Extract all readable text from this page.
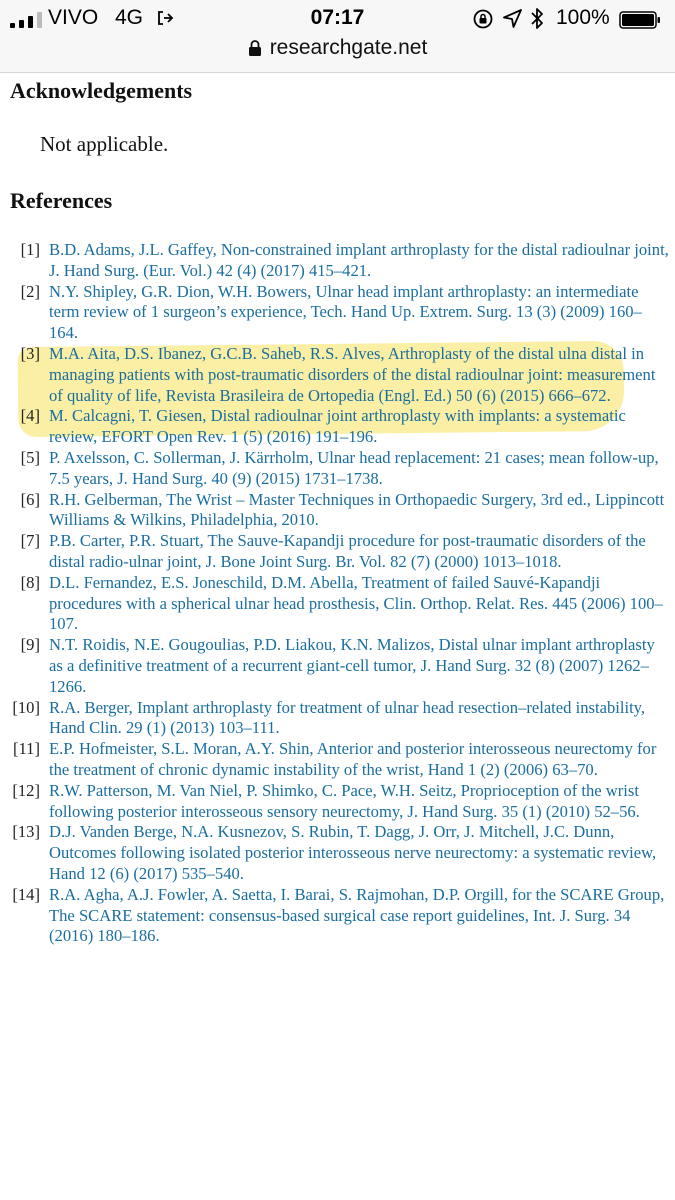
VIVO 4G	07:17	100%
researchgate.net
Acknowledgements

Not applicable.

References
[1] B.D. Adams, J.L. Gaffey, Non-constrained implant arthroplasty for the distal radioulnar joint, J. Hand Surg. (Eur. Vol.) 42 (4) (2017) 415–421.
[2] N.Y. Shipley, G.R. Dion, W.H. Bowers, Ulnar head implant arthroplasty: an intermediate term review of 1 surgeon’s experience, Tech. Hand Up. Extrem. Surg. 13 (3) (2009) 160–164.
[3] M.A. Aita, D.S. Ibanez, G.C.B. Saheb, R.S. Alves, Arthroplasty of the distal ulna distal in managing patients with post-traumatic disorders of the distal radioulnar joint: measurement of quality of life, Revista Brasileira de Ortopedia (Engl. Ed.) 50 (6) (2015) 666–672.
[4] M. Calcagni, T. Giesen, Distal radioulnar joint arthroplasty with implants: a systematic review, EFORT Open Rev. 1 (5) (2016) 191–196.
[5] P. Axelsson, C. Sollerman, J. Kärrholm, Ulnar head replacement: 21 cases; mean follow-up, 7.5 years, J. Hand Surg. 40 (9) (2015) 1731–1738.
[6] R.H. Gelberman, The Wrist – Master Techniques in Orthopaedic Surgery, 3rd ed., Lippincott Williams & Wilkins, Philadelphia, 2010.
[7] P.B. Carter, P.R. Stuart, The Sauve-Kapandji procedure for post-traumatic disorders of the distal radio-ulnar joint, J. Bone Joint Surg. Br. Vol. 82 (7) (2000) 1013–1018.
[8] D.L. Fernandez, E.S. Joneschild, D.M. Abella, Treatment of failed Sauvé-Kapandji procedures with a spherical ulnar head prosthesis, Clin. Orthop. Relat. Res. 445 (2006) 100–107.
[9] N.T. Roidis, N.E. Gougoulias, P.D. Liakou, K.N. Malizos, Distal ulnar implant arthroplasty as a definitive treatment of a recurrent giant-cell tumor, J. Hand Surg. 32 (8) (2007) 1262–1266.
[10] R.A. Berger, Implant arthroplasty for treatment of ulnar head resection–related instability, Hand Clin. 29 (1) (2013) 103–111.
[11] E.P. Hofmeister, S.L. Moran, A.Y. Shin, Anterior and posterior interosseous neurectomy for the treatment of chronic dynamic instability of the wrist, Hand 1 (2) (2006) 63–70.
[12] R.W. Patterson, M. Van Niel, P. Shimko, C. Pace, W.H. Seitz, Proprioception of the wrist following posterior interosseous sensory neurectomy, J. Hand Surg. 35 (1) (2010) 52–56.
[13] D.J. Vanden Berge, N.A. Kusnezov, S. Rubin, T. Dagg, J. Orr, J. Mitchell, J.C. Dunn, Outcomes following isolated posterior interosseous nerve neurectomy: a systematic review, Hand 12 (6) (2017) 535–540.
[14] R.A. Agha, A.J. Fowler, A. Saetta, I. Barai, S. Rajmohan, D.P. Orgill, for the SCARE Group, The SCARE statement: consensus-based surgical case report guidelines, Int. J. Surg. 34 (2016) 180–186.
